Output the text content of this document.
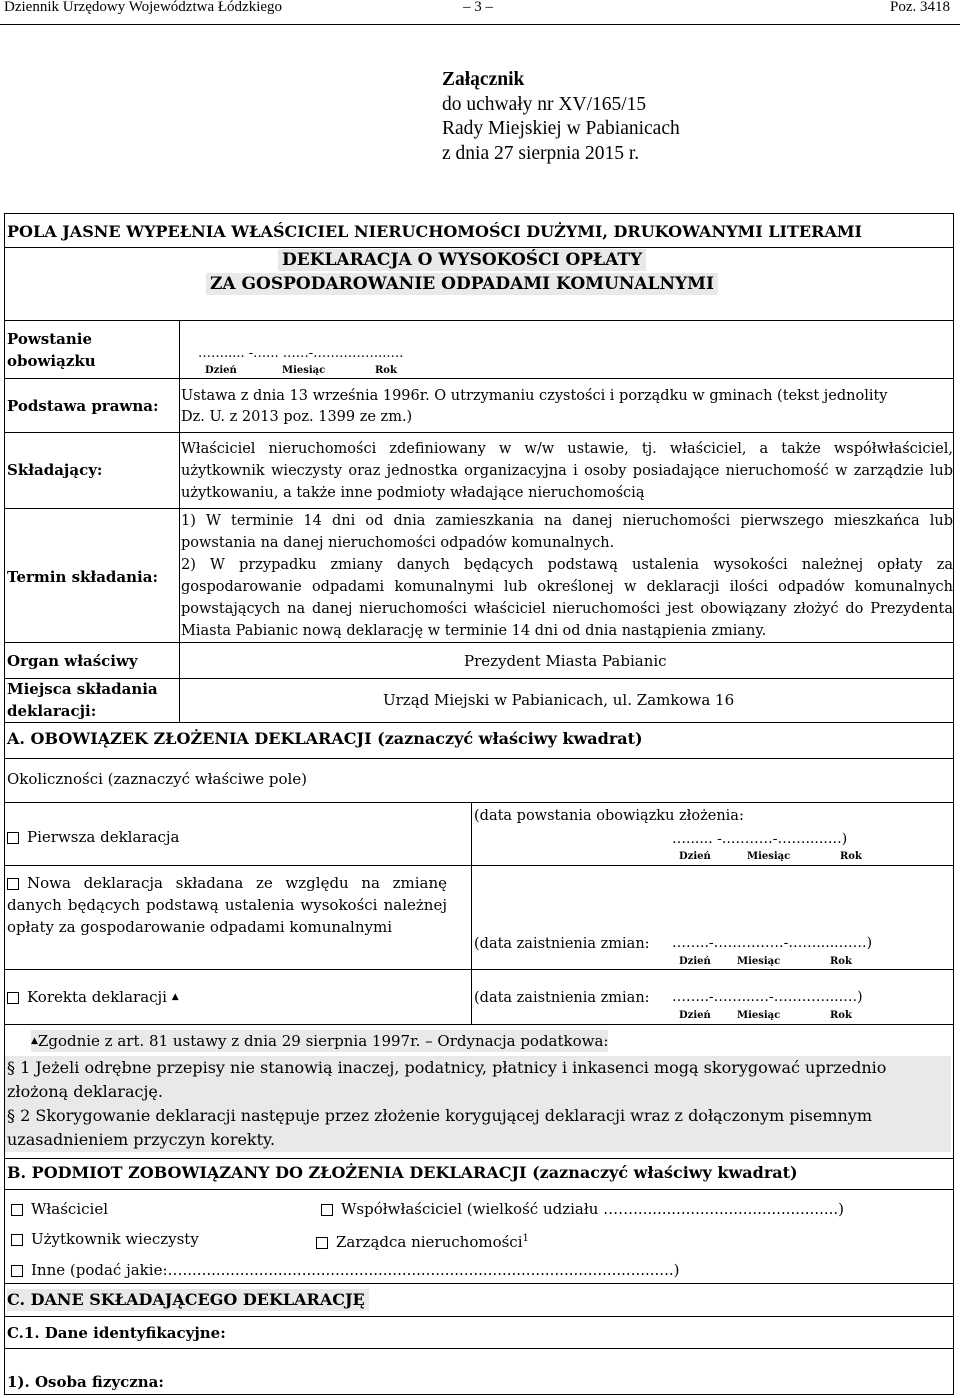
Dziennik Urzędowy Województwa Łódzkiego	– 3 –	Poz. 3418
Załącznik
do uchwały nr XV/165/15
Rady Miejskiej w Pabianicach
z dnia 27 sierpnia 2015 r.
POLA JASNE WYPEŁNIA WŁAŚCICIEL NIERUCHOMOŚCI DUŻYMI, DRUKOWANYMI LITERAMI
DEKLARACJA O WYSOKOŚCI OPŁATY
ZA GOSPODAROWANIE ODPADAMI KOMUNALNYMI
Powstanie
obowiązku	……..... -…... ……-……………...…
Dzień	Miesiąc	Rok
Podstawa prawna:
Ustawa z dnia 13 września 1996r. O utrzymaniu czystości i porządku w gminach (tekst jednolity
Dz. U. z 2013 poz. 1399 ze zm.)
Składający:
Właściciel nieruchomości zdefiniowany w w/w ustawie, tj. właściciel, a także współwłaściciel, użytkownik wieczysty oraz jednostka organizacyjna i osoby posiadające nieruchomość w zarządzie lub użytkowaniu, a także inne podmioty władające nieruchomością
Termin składania:
1) W terminie 14 dni od dnia zamieszkania na danej nieruchomości pierwszego mieszkańca lub powstania na danej nieruchomości odpadów komunalnych.
2) W przypadku zmiany danych będących podstawą ustalenia wysokości należnej opłaty za gospodarowanie odpadami komunalnymi lub określonej w deklaracji ilości odpadów komunalnych powstających na danej nieruchomości właściciel nieruchomości jest obowiązany złożyć do Prezydenta Miasta Pabianic nową deklarację w terminie 14 dni od dnia nastąpienia zmiany.
Organ właściwy	Prezydent Miasta Pabianic
Miejsca składania
deklaracji:
Urząd Miejski w Pabianicach, ul. Zamkowa 16
A. OBOWIĄZEK ZŁOŻENIA DEKLARACJI (zaznaczyć właściwy kwadrat)
Okoliczności (zaznaczyć właściwe pole)
Pierwsza deklaracja
(data powstania obowiązku złożenia:
…...... -..………-…….....…)
Dzień	Miesiąc	Rok
Nowa deklaracja składana ze względu na zmianę danych będących podstawą ustalenia wysokości należnej opłaty za gospodarowanie odpadami komunalnymi
(data zaistnienia zmian: ……..-……………-…….....……)
Dzień	Miesiąc	Rok
Korekta deklaracji ▲	(data zaistnienia zmian: ……..-……...…-…………...…)
Dzień	Miesiąc	Rok
▲Zgodnie z art. 81 ustawy z dnia 29 sierpnia 1997r. – Ordynacja podatkowa:
§ 1 Jeżeli odrębne przepisy nie stanowią inaczej, podatnicy, płatnicy i inkasenci mogą skorygować uprzednio złożoną deklarację.
§ 2 Skorygowanie deklaracji następuje przez złożenie korygującej deklaracji wraz z dołączonym pisemnym uzasadnieniem przyczyn korekty.
B. PODMIOT ZOBOWIĄZANY DO ZŁOŻENIA DEKLARACJI (zaznaczyć właściwy kwadrat)
Właściciel	Współwłaściciel (wielkość udziału ……...........................................)
Użytkownik wieczysty	Zarządca nieruchomości$^1$
Inne (podać jakie:….......................................................................................................)
C. DANE SKŁADAJĄCEGO DEKLARACJĘ
C.1. Dane identyfikacyjne:
1). Osoba fizyczna:
